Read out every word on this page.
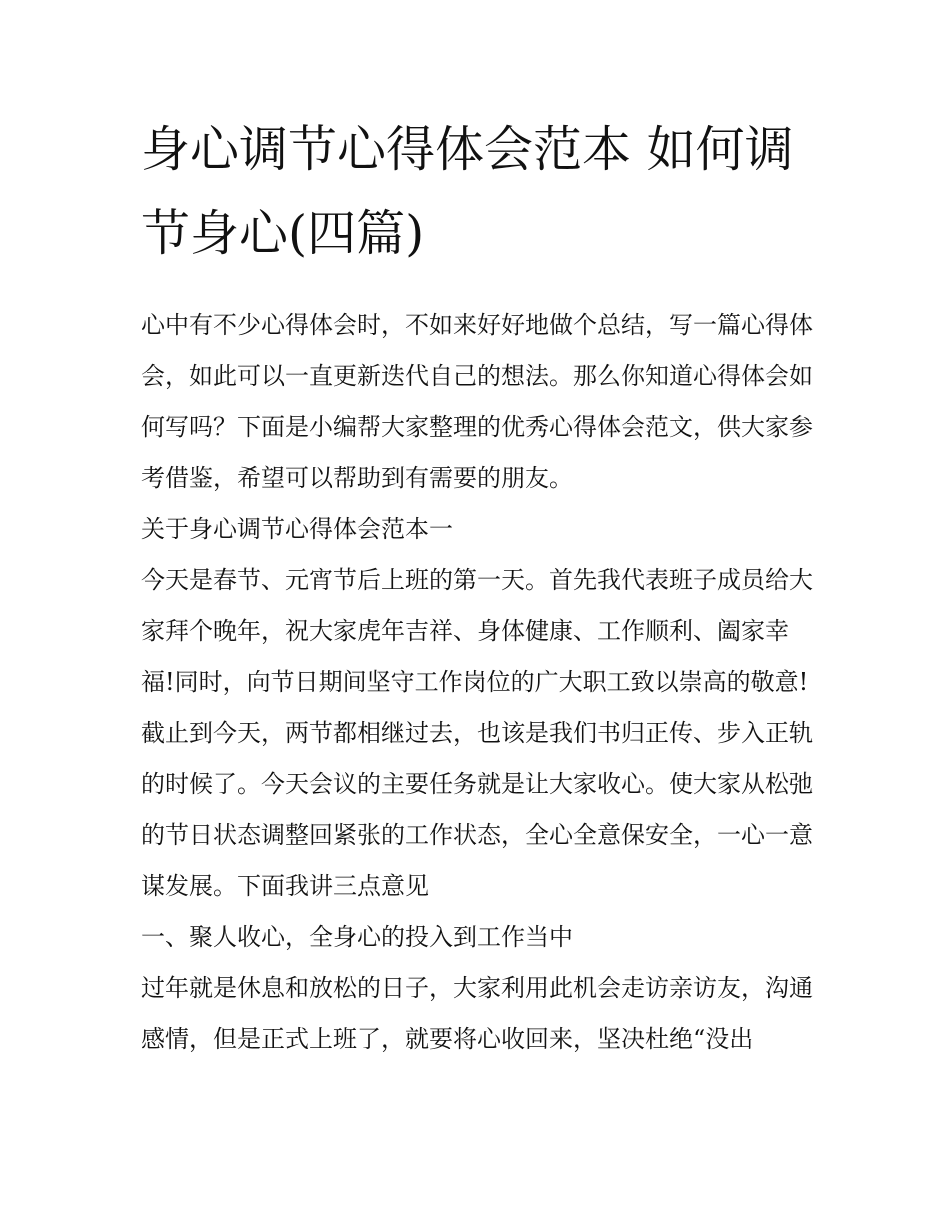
身心调节心得体会范本 如何调节身心(四篇)

心中有不少心得体会时，不如来好好地做个总结，写一篇心得体会，如此可以一直更新迭代自己的想法。那么你知道心得体会如何写吗？下面是小编帮大家整理的优秀心得体会范文，供大家参考借鉴，希望可以帮助到有需要的朋友。

关于身心调节心得体会范本一

今天是春节、元宵节后上班的第一天。首先我代表班子成员给大家拜个晚年，祝大家虎年吉祥、身体健康、工作顺利、阖家幸福!同时，向节日期间坚守工作岗位的广大职工致以崇高的敬意!

截止到今天，两节都相继过去，也该是我们书归正传、步入正轨的时候了。今天会议的主要任务就是让大家收心。使大家从松弛的节日状态调整回紧张的工作状态，全心全意保安全，一心一意谋发展。下面我讲三点意见

一、聚人收心，全身心的投入到工作当中

过年就是休息和放松的日子，大家利用此机会走访亲访友，沟通感情，但是正式上班了，就要将心收回来，坚决杜绝“没出
